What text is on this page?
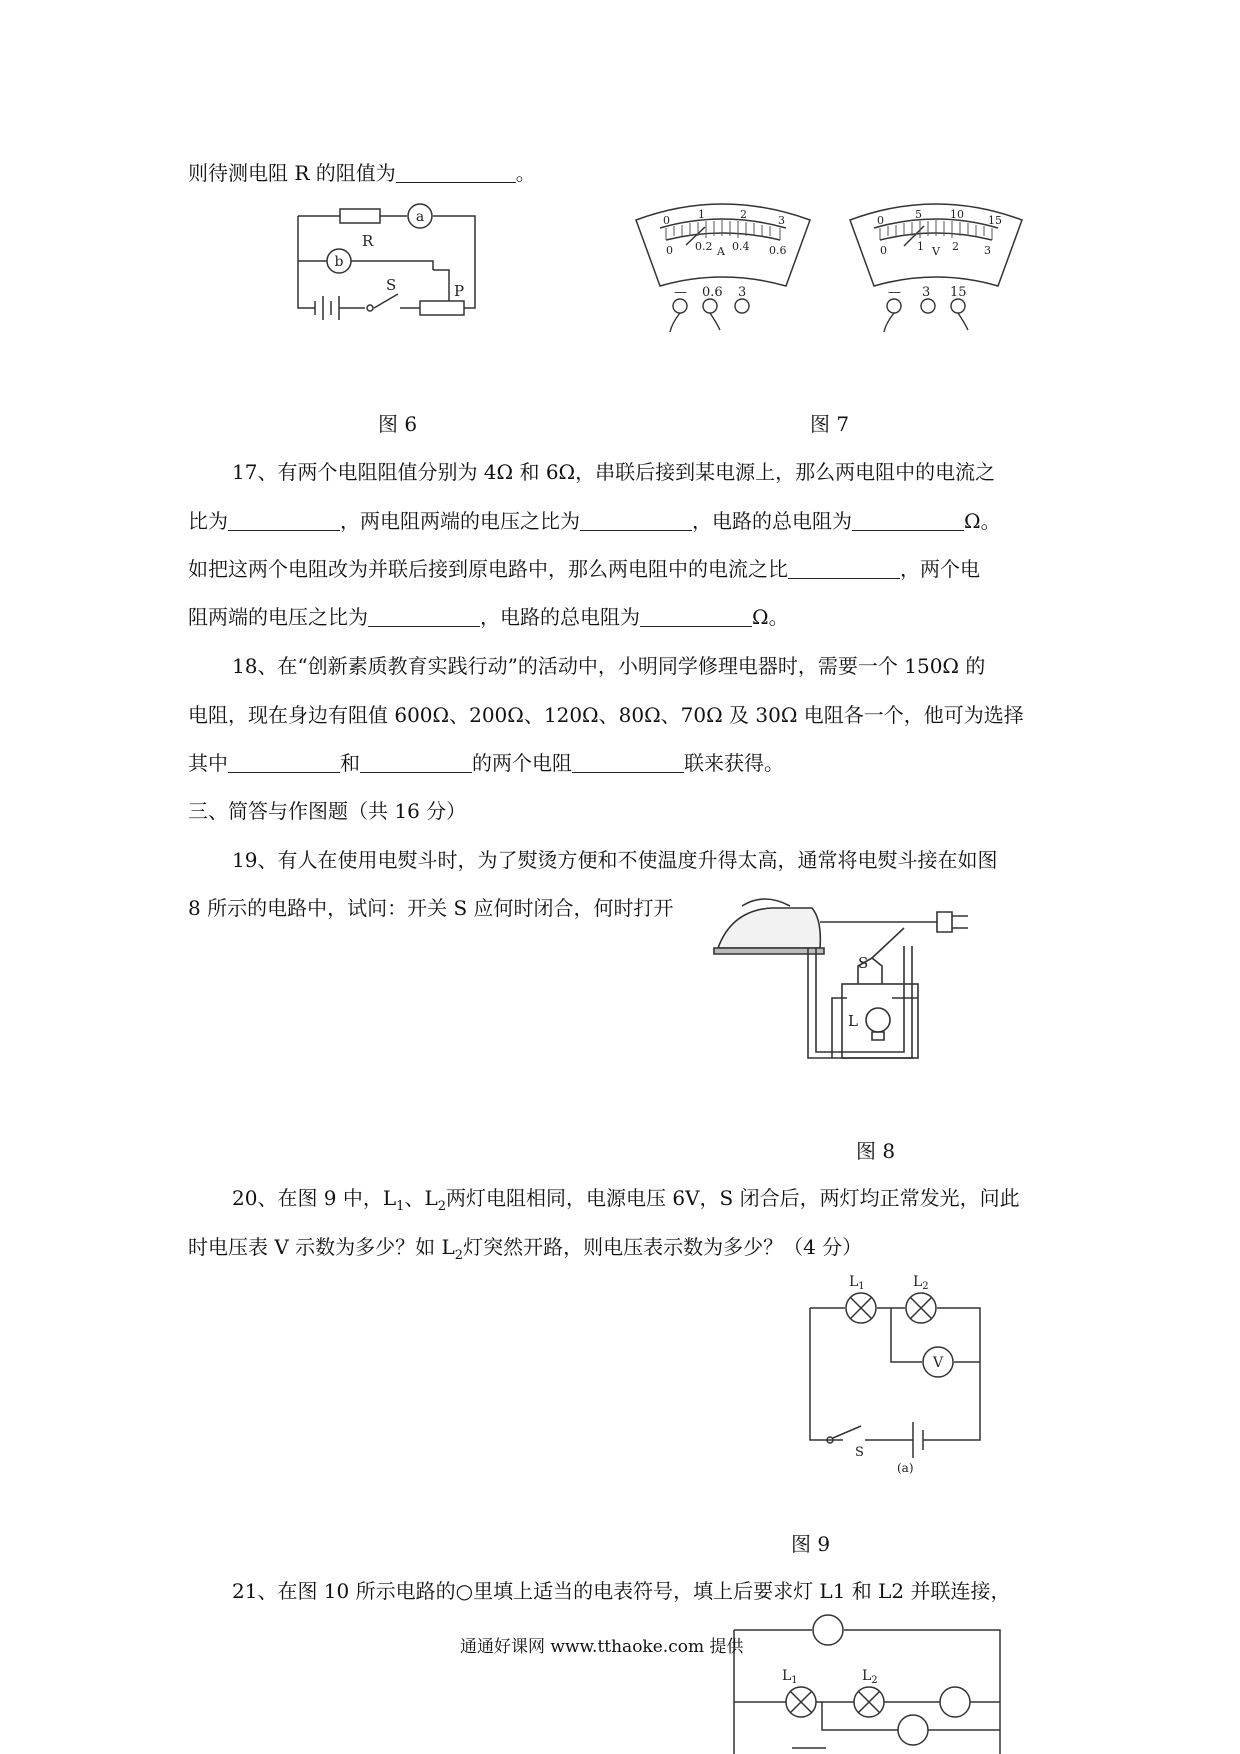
则待测电阻 R 的阻值为	。
a
b
R
S	P
0	1	2	3
0 0.2 0.4 0.6
A
0	5	10 15
0	1	2 3
V
— 0.6 3	— 3 15
图 6	图 7
17、有两个电阻阻值分别为 4Ω 和 6Ω，串联后接到某电源上，那么两电阻中的电流之
比为	，两电阻两端的电压之比为	，电路的总电阻为	Ω。
如把这两个电阻改为并联后接到原电路中，那么两电阻中的电流之比	，两个电
阻两端的电压之比为	，电路的总电阻为	Ω。
18、在“创新素质教育实践行动”的活动中，小明同学修理电器时，需要一个 150Ω 的
电阻，现在身边有阻值 600Ω、200Ω、120Ω、80Ω、70Ω 及 30Ω 电阻各一个，他可为选择
其中	和	的两个电阻	联来获得。
三、简答与作图题（共 16 分）
19、有人在使用电熨斗时，为了熨烫方便和不使温度升得太高，通常将电熨斗接在如图
8 所示的电路中，试问：开关 S 应何时闭合，何时打开
S
L
图 8
20、在图 9 中，$L_1$、$L_2$两灯电阻相同，电源电压 6V，S 闭合后，两灯均正常发光，问此
时电压表 V 示数为多少？如 $L_2$灯突然开路，则电压表示数为多少？（4 分）
$L_1$	$L_2$
V
S
(a)
图 9
21、在图 10 所示电路的○里填上适当的电表符号，填上后要求灯 L1 和 L2 并联连接，
$L_1$	$L_2$
通通好课网 www.tthaoke.com 提供
